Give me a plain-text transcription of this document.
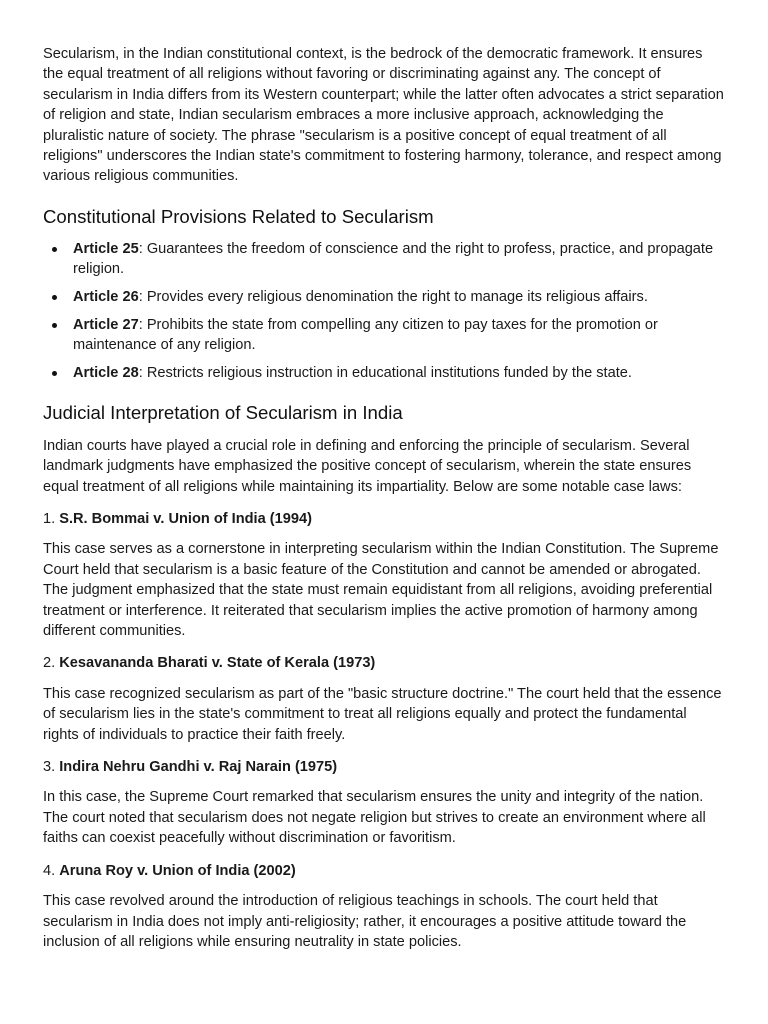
Secularism, in the Indian constitutional context, is the bedrock of the democratic framework. It ensures the equal treatment of all religions without favoring or discriminating against any. The concept of secularism in India differs from its Western counterpart; while the latter often advocates a strict separation of religion and state, Indian secularism embraces a more inclusive approach, acknowledging the pluralistic nature of society. The phrase "secularism is a positive concept of equal treatment of all religions" underscores the Indian state's commitment to fostering harmony, tolerance, and respect among various religious communities.

Constitutional Provisions Related to Secularism
Article 25: Guarantees the freedom of conscience and the right to profess, practice, and propagate religion.
Article 26: Provides every religious denomination the right to manage its religious affairs.
Article 27: Prohibits the state from compelling any citizen to pay taxes for the promotion or maintenance of any religion.
Article 28: Restricts religious instruction in educational institutions funded by the state.
Judicial Interpretation of Secularism in India

Indian courts have played a crucial role in defining and enforcing the principle of secularism. Several landmark judgments have emphasized the positive concept of secularism, wherein the state ensures equal treatment of all religions while maintaining its impartiality. Below are some notable case laws:

1. S.R. Bommai v. Union of India (1994)

This case serves as a cornerstone in interpreting secularism within the Indian Constitution. The Supreme Court held that secularism is a basic feature of the Constitution and cannot be amended or abrogated. The judgment emphasized that the state must remain equidistant from all religions, avoiding preferential treatment or interference. It reiterated that secularism implies the active promotion of harmony among different communities.

2. Kesavananda Bharati v. State of Kerala (1973)

This case recognized secularism as part of the "basic structure doctrine." The court held that the essence of secularism lies in the state's commitment to treat all religions equally and protect the fundamental rights of individuals to practice their faith freely.

3. Indira Nehru Gandhi v. Raj Narain (1975)

In this case, the Supreme Court remarked that secularism ensures the unity and integrity of the nation. The court noted that secularism does not negate religion but strives to create an environment where all faiths can coexist peacefully without discrimination or favoritism.

4. Aruna Roy v. Union of India (2002)

This case revolved around the introduction of religious teachings in schools. The court held that secularism in India does not imply anti-religiosity; rather, it encourages a positive attitude toward the inclusion of all religions while ensuring neutrality in state policies.
